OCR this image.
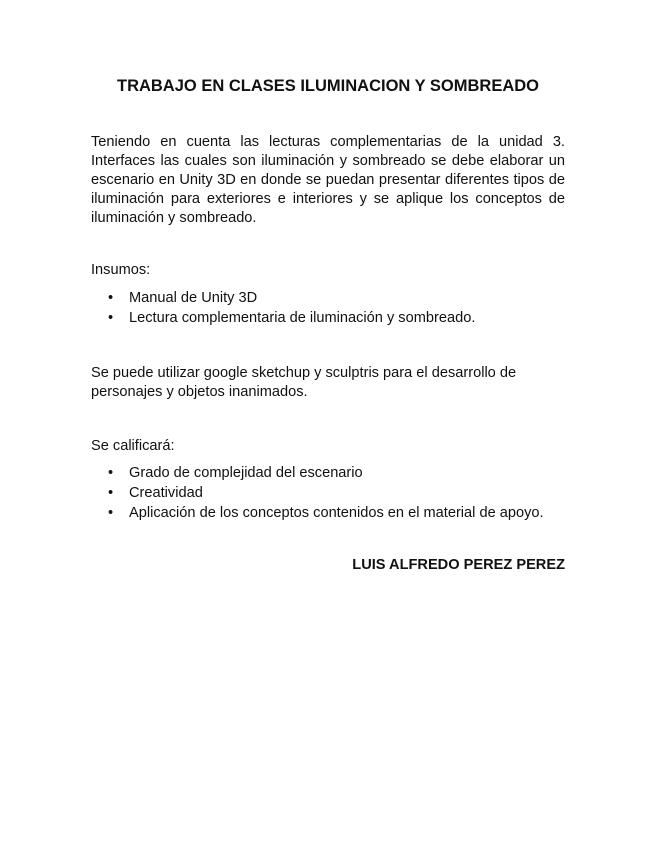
TRABAJO EN CLASES ILUMINACION Y SOMBREADO

Teniendo en cuenta las lecturas complementarias de la unidad 3. Interfaces las cuales son iluminación y sombreado se debe elaborar un escenario en Unity 3D en donde se puedan presentar diferentes tipos de iluminación para exteriores e interiores y se aplique los conceptos de iluminación y sombreado.

Insumos:

• Manual de Unity 3D
• Lectura complementaria de iluminación y sombreado.

Se puede utilizar google sketchup y sculptris para el desarrollo de personajes y objetos inanimados.

Se calificará:

• Grado de complejidad del escenario
• Creatividad
• Aplicación de los conceptos contenidos en el material de apoyo.

LUIS ALFREDO PEREZ PEREZ
